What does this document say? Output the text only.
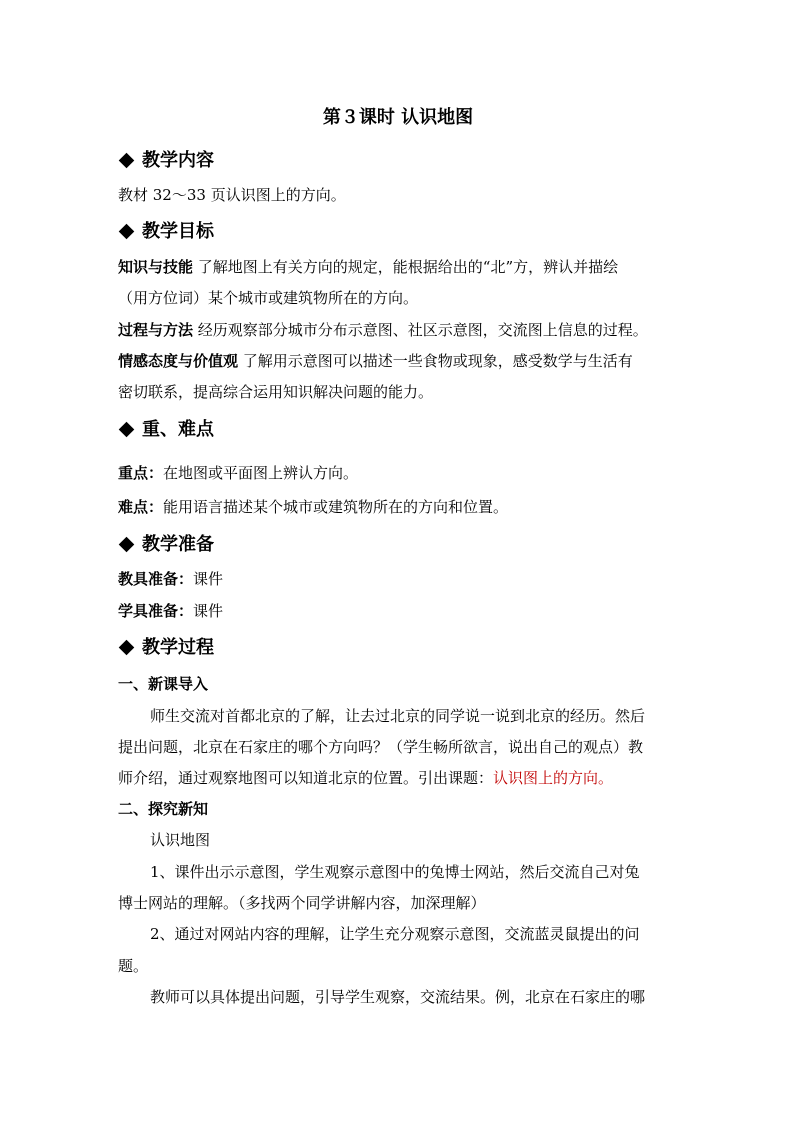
第３课时 认识地图
教学内容
教材 32～33 页认识图上的方向。
教学目标
知识与技能 了解地图上有关方向的规定，能根据给出的“北”方，辨认并描绘
（用方位词）某个城市或建筑物所在的方向。
过程与方法 经历观察部分城市分布示意图、社区示意图，交流图上信息的过程。
情感态度与价值观 了解用示意图可以描述一些食物或现象，感受数学与生活有
密切联系，提高综合运用知识解决问题的能力。
重、难点
重点：在地图或平面图上辨认方向。
难点：能用语言描述某个城市或建筑物所在的方向和位置。
教学准备
教具准备：课件
学具准备：课件
教学过程
一、新课导入
师生交流对首都北京的了解，让去过北京的同学说一说到北京的经历。然后
提出问题，北京在石家庄的哪个方向吗？（学生畅所欲言，说出自己的观点）教
师介绍，通过观察地图可以知道北京的位置。引出课题：认识图上的方向。
二、探究新知
认识地图
1、课件出示示意图，学生观察示意图中的兔博士网站，然后交流自己对兔
博士网站的理解。（多找两个同学讲解内容，加深理解）
2、通过对网站内容的理解，让学生充分观察示意图，交流蓝灵鼠提出的问
题。
教师可以具体提出问题，引导学生观察，交流结果。例，北京在石家庄的哪
